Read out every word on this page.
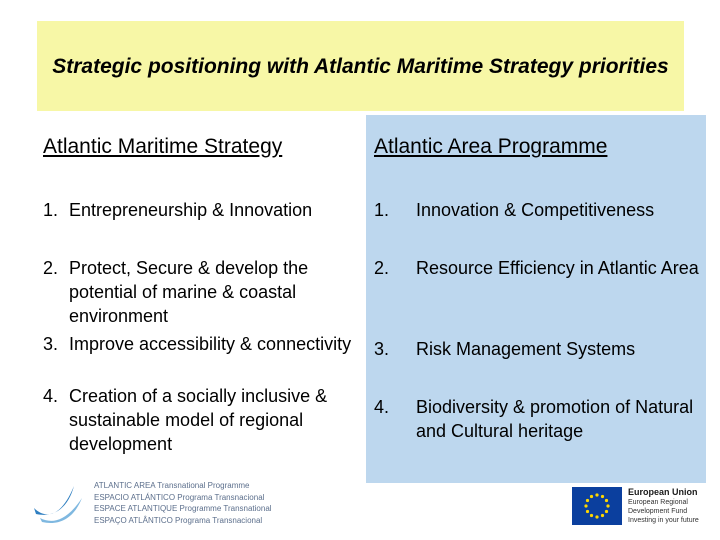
Strategic positioning with Atlantic Maritime Strategy priorities
Atlantic Maritime Strategy
1. Entrepreneurship & Innovation
2. Protect, Secure & develop the potential of marine & coastal environment
3. Improve accessibility & connectivity
4. Creation of a socially inclusive & sustainable model of regional development
Atlantic Area Programme
1.	Innovation & Competitiveness
2.	Resource Efficiency in Atlantic Area
3.	Risk Management Systems
4.	Biodiversity & promotion of Natural and Cultural heritage
ATLANTIC AREA Transnational Programme
ESPACIO ATLÁNTICO Programa Transnacional
ESPACE ATLANTIQUE Programme Transnational
ESPAÇO ATLÂNTICO Programa Transnacional
European Union
European Regional
Development Fund
Investing in your future
